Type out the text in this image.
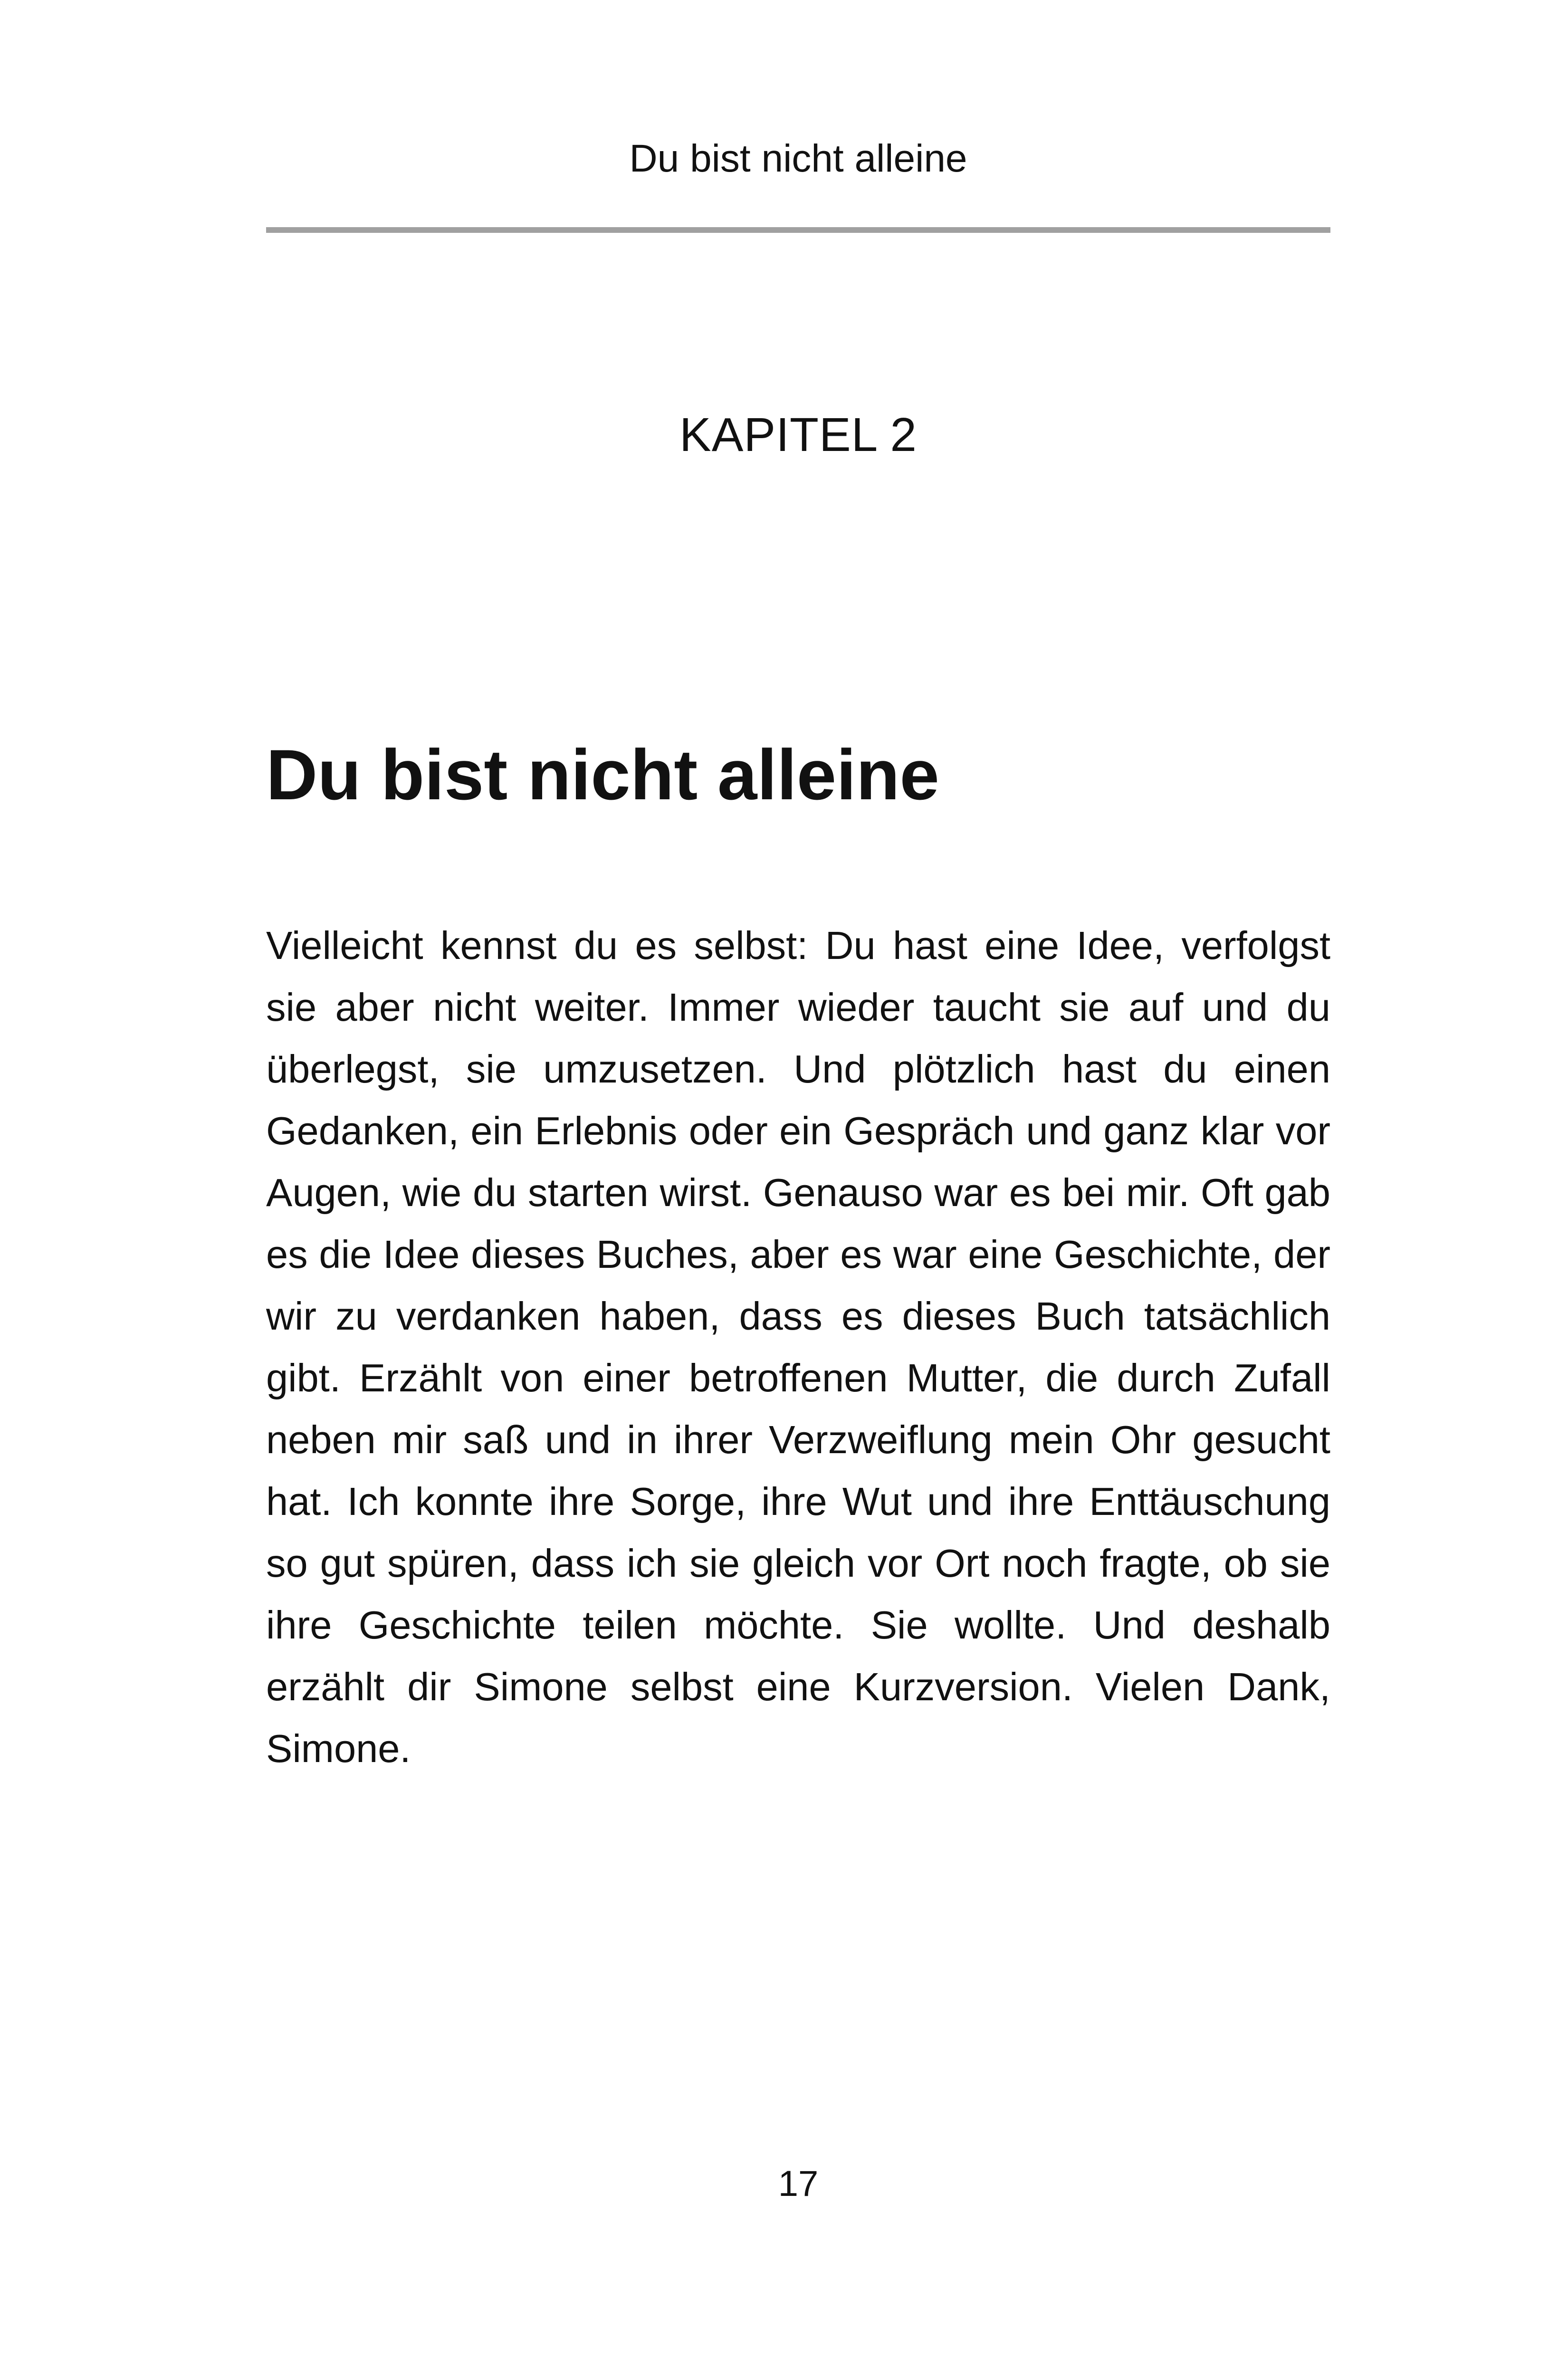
Du bist nicht alleine
KAPITEL 2
Du bist nicht alleine

Vielleicht kennst du es selbst: Du hast eine Idee, verfolgst sie aber nicht weiter. Immer wieder taucht sie auf und du überlegst, sie umzusetzen. Und plötzlich hast du einen Gedanken, ein Erlebnis oder ein Gespräch und ganz klar vor Augen, wie du starten wirst. Genauso war es bei mir. Oft gab es die Idee dieses Buches, aber es war eine Geschichte, der wir zu verdanken haben, dass es dieses Buch tatsächlich gibt. Erzählt von einer betroffenen Mutter, die durch Zufall neben mir saß und in ihrer Verzweiflung mein Ohr gesucht hat. Ich konnte ihre Sorge, ihre Wut und ihre Enttäuschung so gut spüren, dass ich sie gleich vor Ort noch fragte, ob sie ihre Geschichte teilen möchte. Sie wollte. Und deshalb erzählt dir Simone selbst eine Kurzversion. Vielen Dank, Simone.

17
